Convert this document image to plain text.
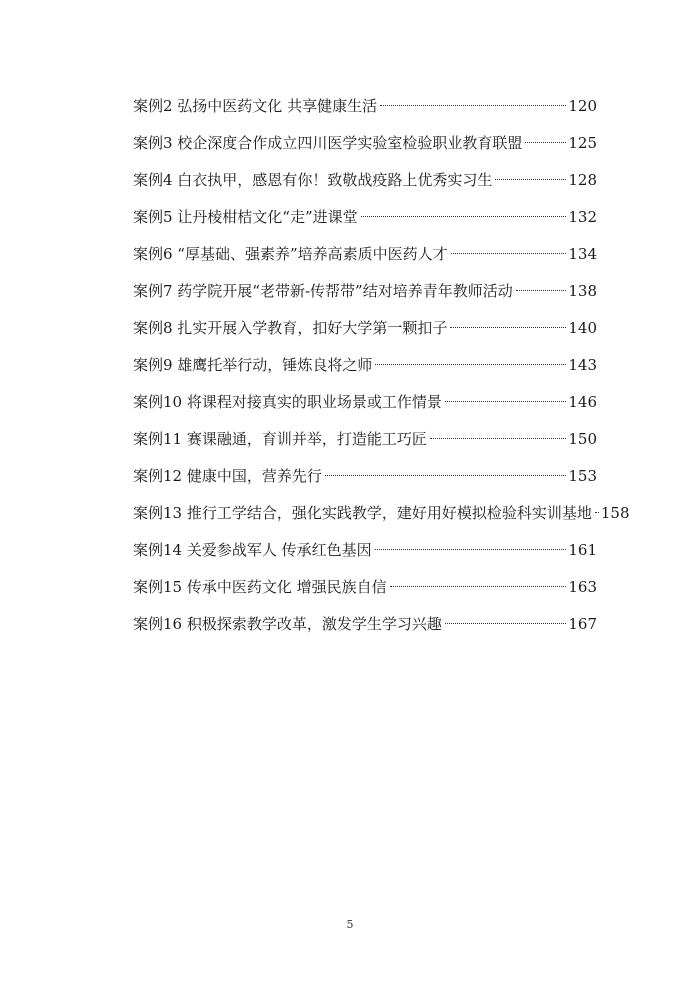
案例2 弘扬中医药文化 共享健康生活	120
案例3 校企深度合作成立四川医学实验室检验职业教育联盟	125
案例4 白衣执甲，感恩有你！致敬战疫路上优秀实习生	128
案例5 让丹棱柑桔文化“走”进课堂	132
案例6 “厚基础、强素养”培养高素质中医药人才	134
案例7 药学院开展“老带新-传帮带”结对培养青年教师活动	138
案例8 扎实开展入学教育，扣好大学第一颗扣子	140
案例9 雄鹰托举行动，锤炼良将之师	143
案例10 将课程对接真实的职业场景或工作情景	146
案例11 赛课融通，育训并举，打造能工巧匠	150
案例12 健康中国，营养先行	153
案例13 推行工学结合，强化实践教学，建好用好模拟检验科实训 基地 158
案例14 关爱参战军人 传承红色基因	161
案例15 传承中医药文化 增强民族自信	163
案例16 积极探索教学改革，激发学生学习兴趣	167
5
